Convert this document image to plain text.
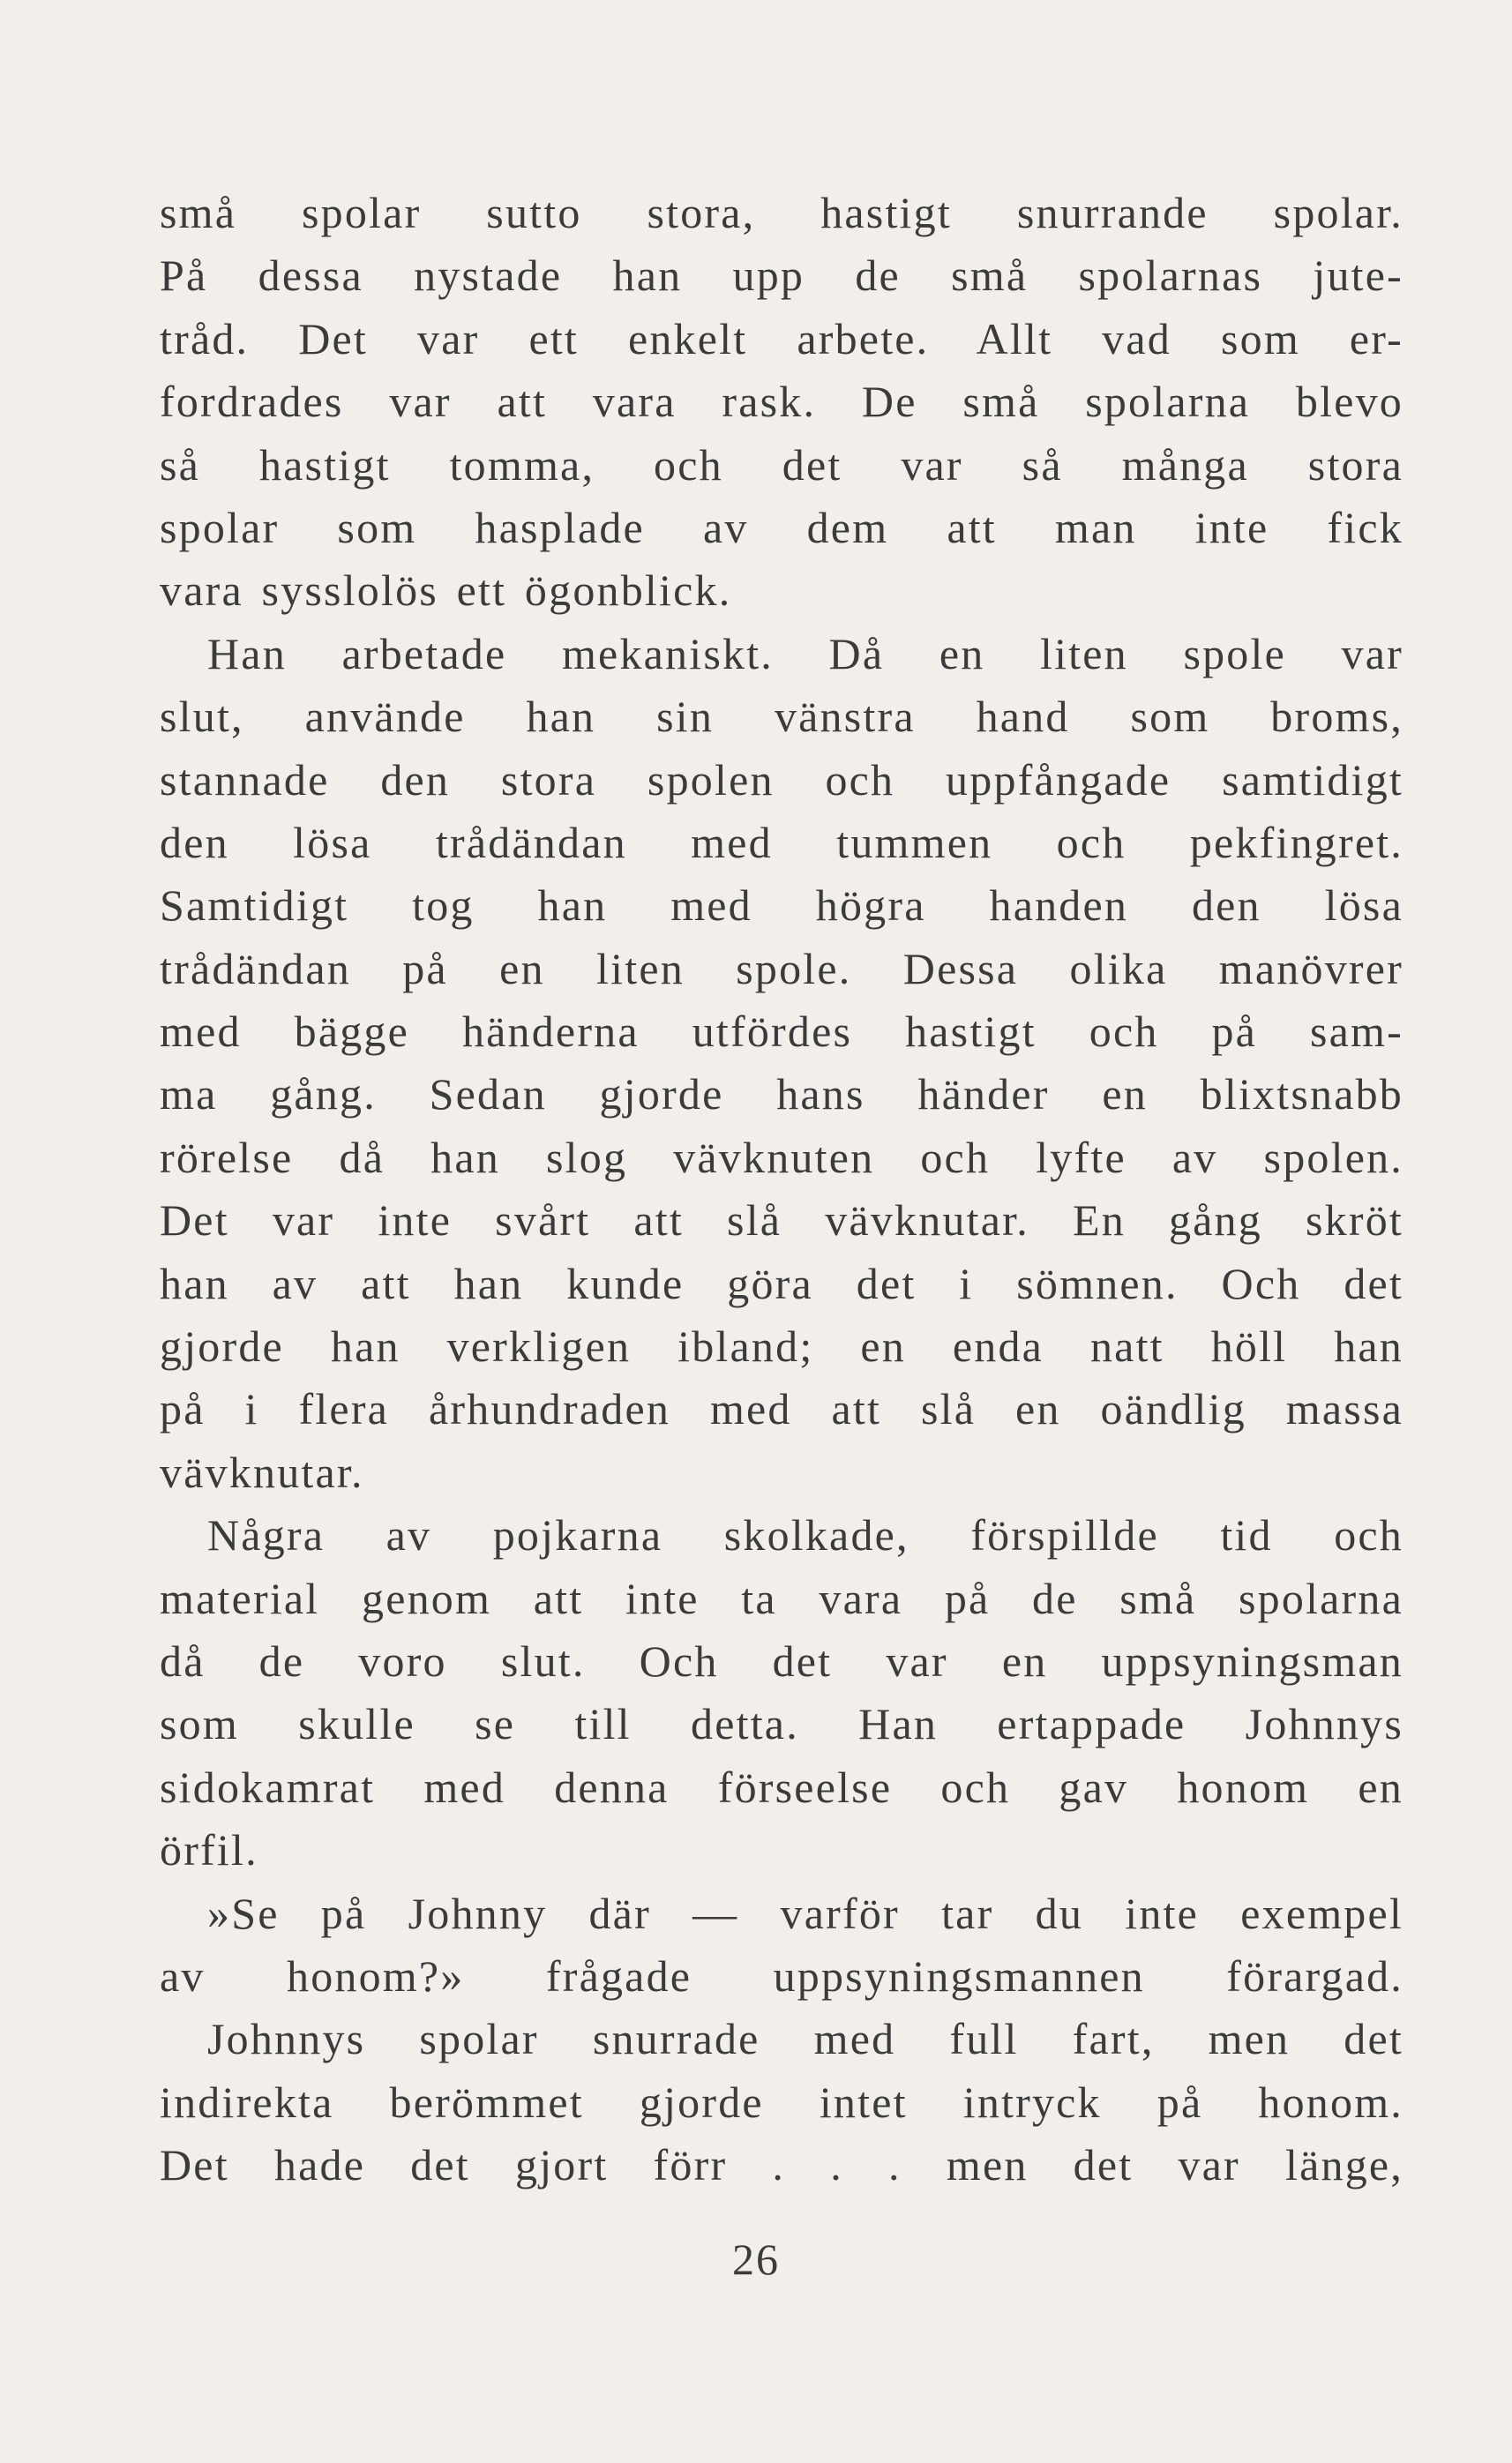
små spolar sutto stora, hastigt snurrande spolar.
På dessa nystade han upp de små spolarnas jute-
tråd. Det var ett enkelt arbete. Allt vad som er-
fordrades var att vara rask. De små spolarna blevo
så hastigt tomma, och det var så många stora
spolar som hasplade av dem att man inte fick
vara sysslolös ett ögonblick.
Han arbetade mekaniskt. Då en liten spole var
slut, använde han sin vänstra hand som broms,
stannade den stora spolen och uppfångade samtidigt
den lösa trådändan med tummen och pekfingret.
Samtidigt tog han med högra handen den lösa
trådändan på en liten spole. Dessa olika manövrer
med bägge händerna utfördes hastigt och på sam-
ma gång. Sedan gjorde hans händer en blixtsnabb
rörelse då han slog vävknuten och lyfte av spolen.
Det var inte svårt att slå vävknutar. En gång skröt
han av att han kunde göra det i sömnen. Och det
gjorde han verkligen ibland; en enda natt höll han
på i flera århundraden med att slå en oändlig massa
vävknutar.
Några av pojkarna skolkade, förspillde tid och
material genom att inte ta vara på de små spolarna
då de voro slut. Och det var en uppsyningsman
som skulle se till detta. Han ertappade Johnnys
sidokamrat med denna förseelse och gav honom en
örfil.
»Se på Johnny där — varför tar du inte exempel
av honom?» frågade uppsyningsmannen förargad.
Johnnys spolar snurrade med full fart, men det
indirekta berömmet gjorde intet intryck på honom.
Det hade det gjort förr . . . men det var länge,
26
